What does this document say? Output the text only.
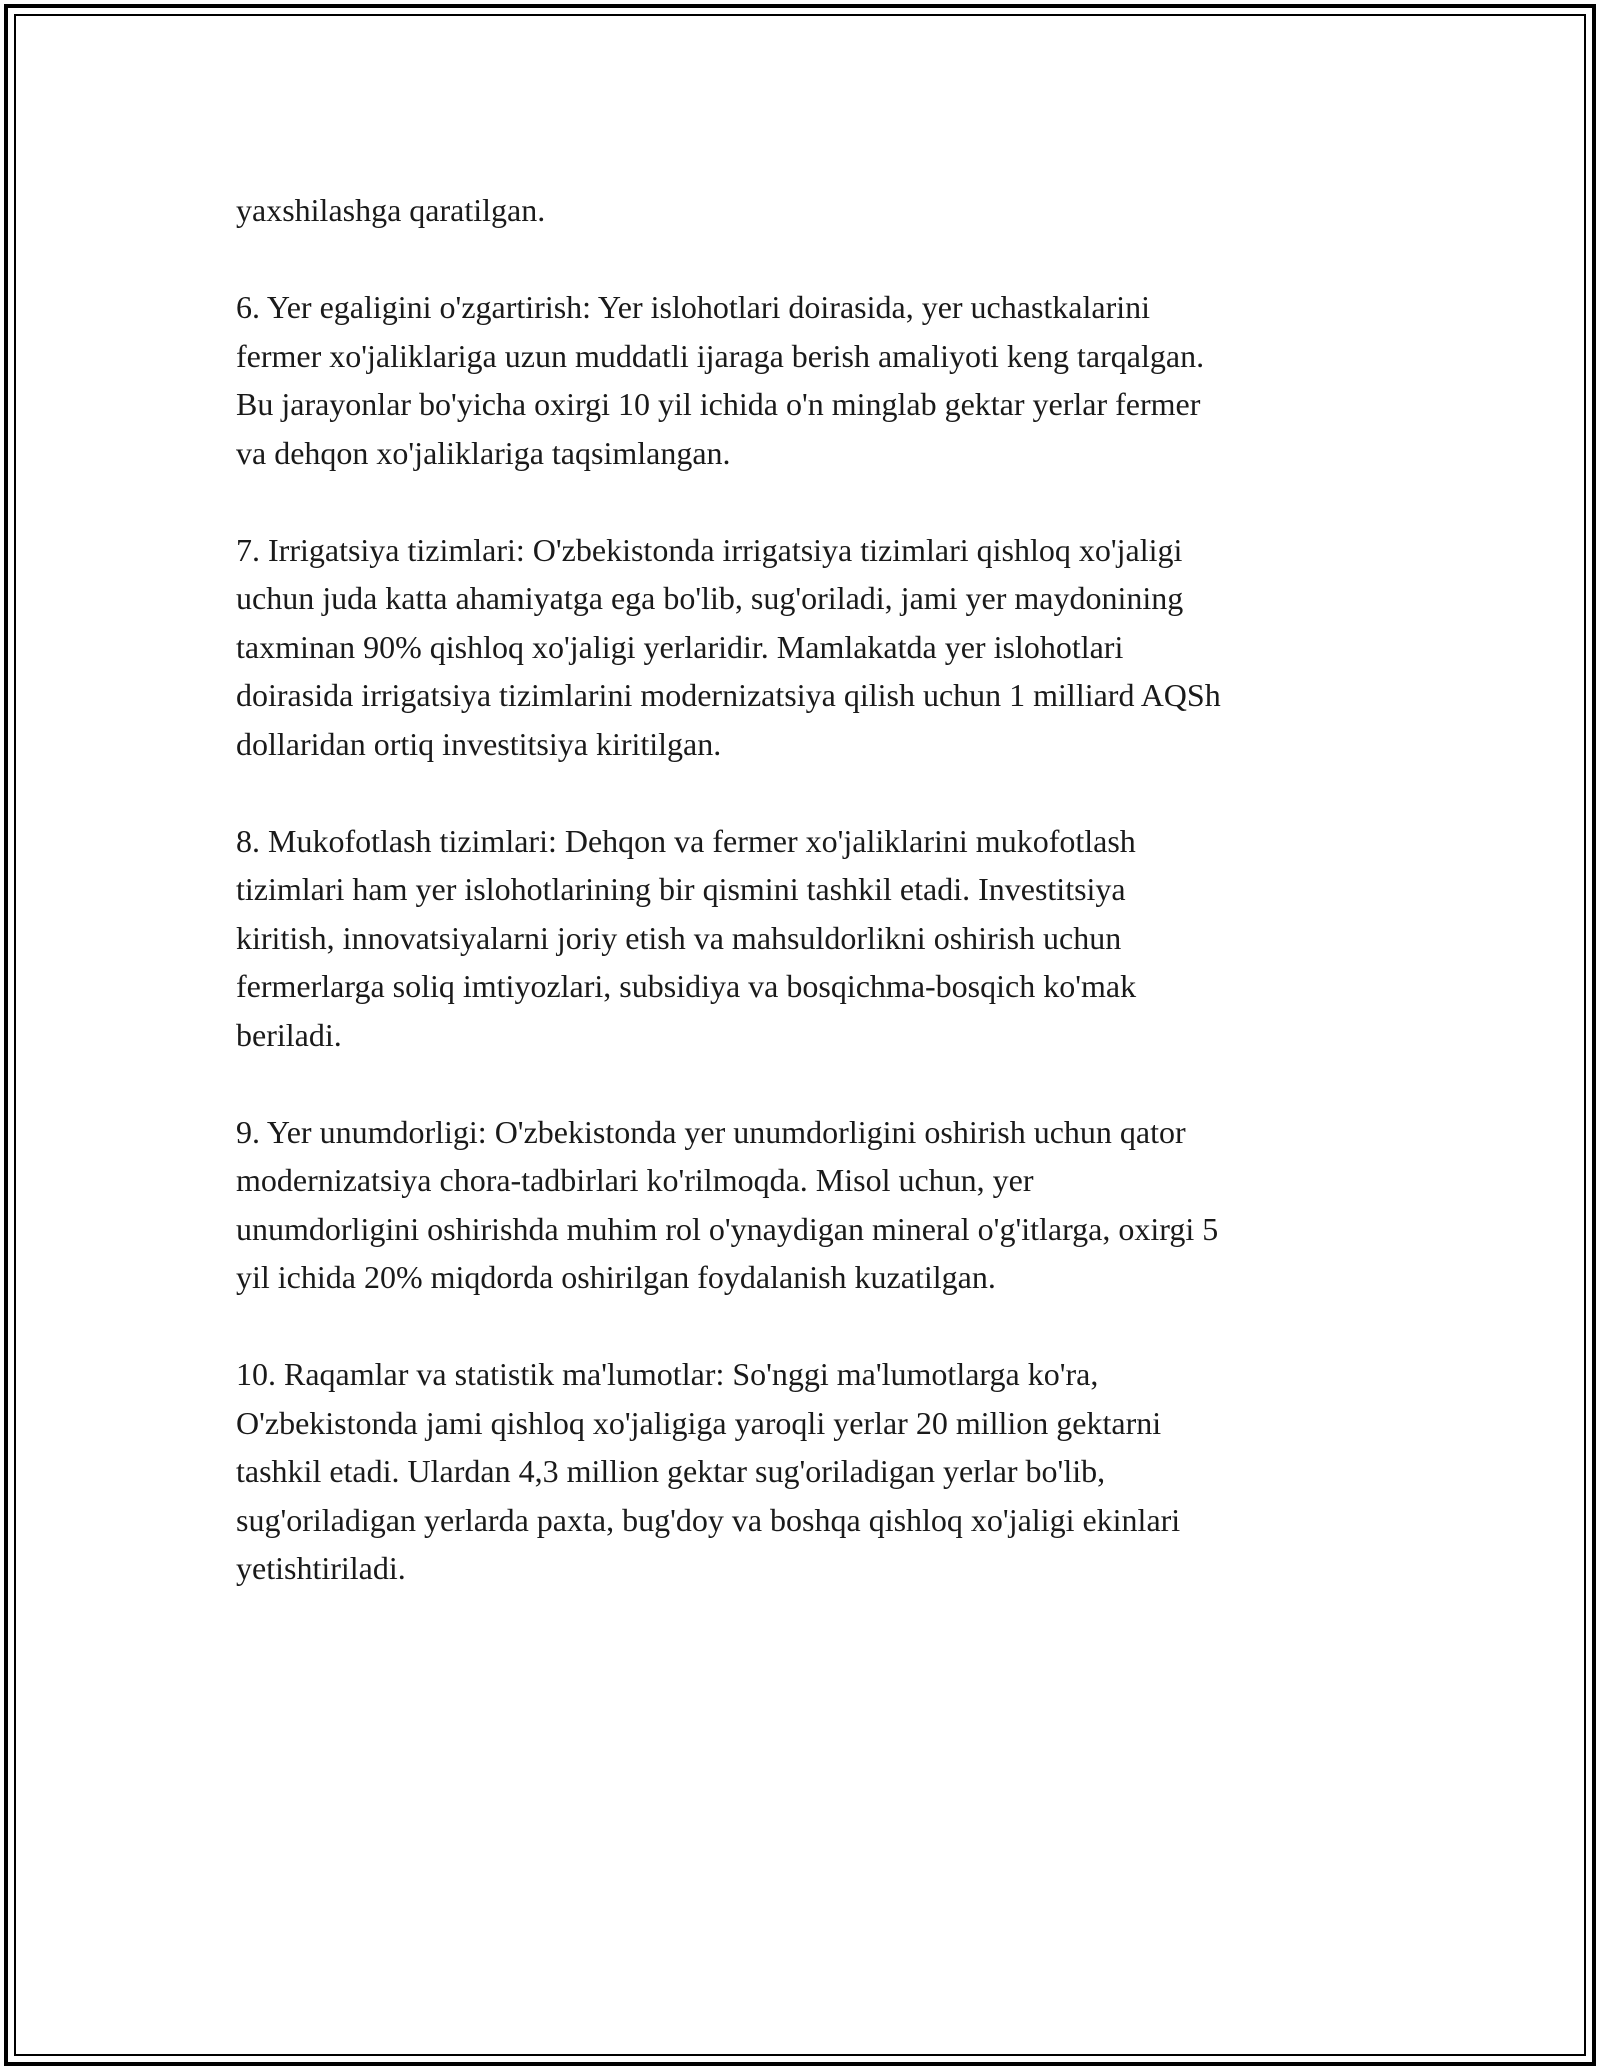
yaxshilashga qaratilgan.

6. Yer egaligini o'zgartirish: Yer islohotlari doirasida, yer uchastkalarini
fermer xo'jaliklariga uzun muddatli ijaraga berish amaliyoti keng tarqalgan.
Bu jarayonlar bo'yicha oxirgi 10 yil ichida o'n minglab gektar yerlar fermer
va dehqon xo'jaliklariga taqsimlangan.

7. Irrigatsiya tizimlari: O'zbekistonda irrigatsiya tizimlari qishloq xo'jaligi
uchun juda katta ahamiyatga ega bo'lib, sug'oriladi, jami yer maydonining
taxminan 90% qishloq xo'jaligi yerlaridir. Mamlakatda yer islohotlari
doirasida irrigatsiya tizimlarini modernizatsiya qilish uchun 1 milliard AQSh
dollaridan ortiq investitsiya kiritilgan.

8. Mukofotlash tizimlari: Dehqon va fermer xo'jaliklarini mukofotlash
tizimlari ham yer islohotlarining bir qismini tashkil etadi. Investitsiya
kiritish, innovatsiyalarni joriy etish va mahsuldorlikni oshirish uchun
fermerlarga soliq imtiyozlari, subsidiya va bosqichma-bosqich ko'mak
beriladi.

9. Yer unumdorligi: O'zbekistonda yer unumdorligini oshirish uchun qator
modernizatsiya chora-tadbirlari ko'rilmoqda. Misol uchun, yer
unumdorligini oshirishda muhim rol o'ynaydigan mineral o'g'itlarga, oxirgi 5
yil ichida 20% miqdorda oshirilgan foydalanish kuzatilgan.

10. Raqamlar va statistik ma'lumotlar: So'nggi ma'lumotlarga ko'ra,
O'zbekistonda jami qishloq xo'jaligiga yaroqli yerlar 20 million gektarni
tashkil etadi. Ulardan 4,3 million gektar sug'oriladigan yerlar bo'lib,
sug'oriladigan yerlarda paxta, bug'doy va boshqa qishloq xo'jaligi ekinlari
yetishtiriladi.
